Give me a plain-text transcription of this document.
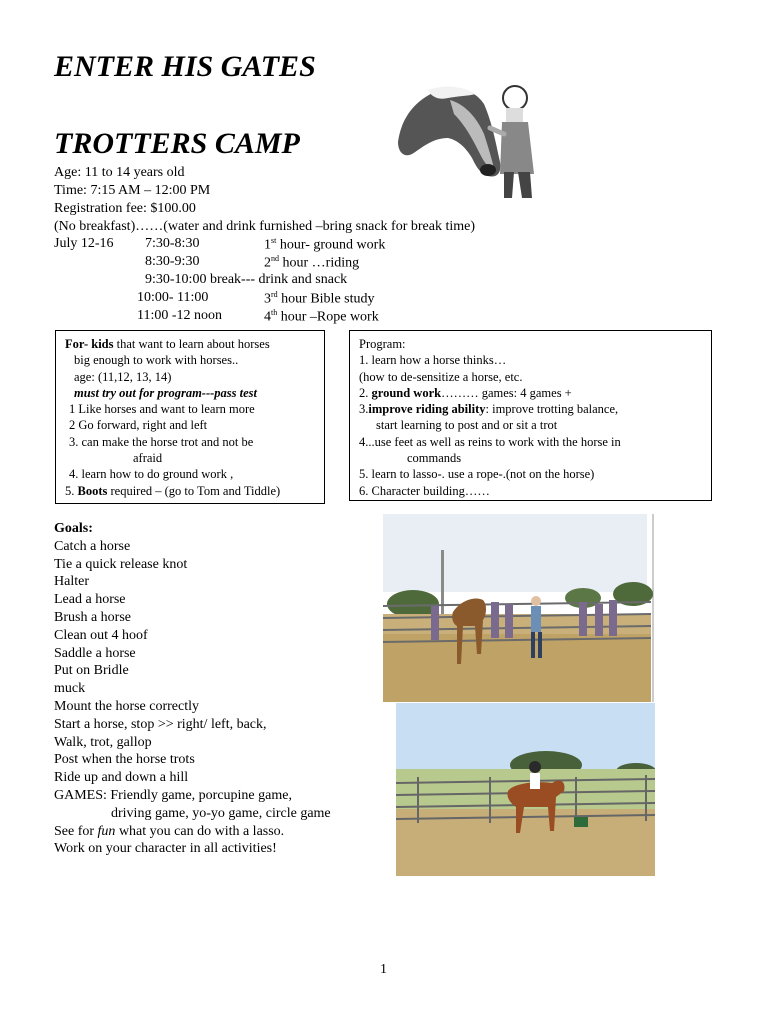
ENTER HIS GATES
TROTTERS CAMP
Age: 11 to 14 years old
Time: 7:15 AM – 12:00 PM
Registration fee: $100.00
(No breakfast)……(water and drink furnished –bring snack for break time)
July 12-16 7:30-8:30	1st hour- ground work
8:30-9:30	2nd hour …riding
9:30-10:00 break--- drink and snack
10:00- 11:00	3rd hour Bible study
11:00 -12 noon	4th hour –Rope work
For- kids that want to learn about horses
big enough to work with horses..
age: (11,12, 13, 14)
must try out for program---pass test
1 Like horses and want to learn more
2 Go forward, right and left
3. can make the horse trot and not be
afraid
4. learn how to do ground work ,
5. Boots required – (go to Tom and Tiddle)
Program:
1. learn how a horse thinks…
(how to de-sensitize a horse, etc.
2. ground work……… games: 4 games +
3.improve riding ability: improve trotting balance,
start learning to post and or sit a trot
4...use feet as well as reins to work with the horse in
commands
5. learn to lasso-. use a rope-.(not on the horse)
6. Character building……
Goals:
Catch a horse
Tie a quick release knot
Halter
Lead a horse
Brush a horse
Clean out 4 hoof
Saddle a horse
Put on Bridle
muck
Mount the horse correctly
Start a horse, stop >> right/ left, back,
Walk, trot, gallop
Post when the horse trots
Ride up and down a hill
GAMES: Friendly game, porcupine game,
driving game, yo-yo game, circle game
See for fun what you can do with a lasso.
Work on your character in all activities!
1
